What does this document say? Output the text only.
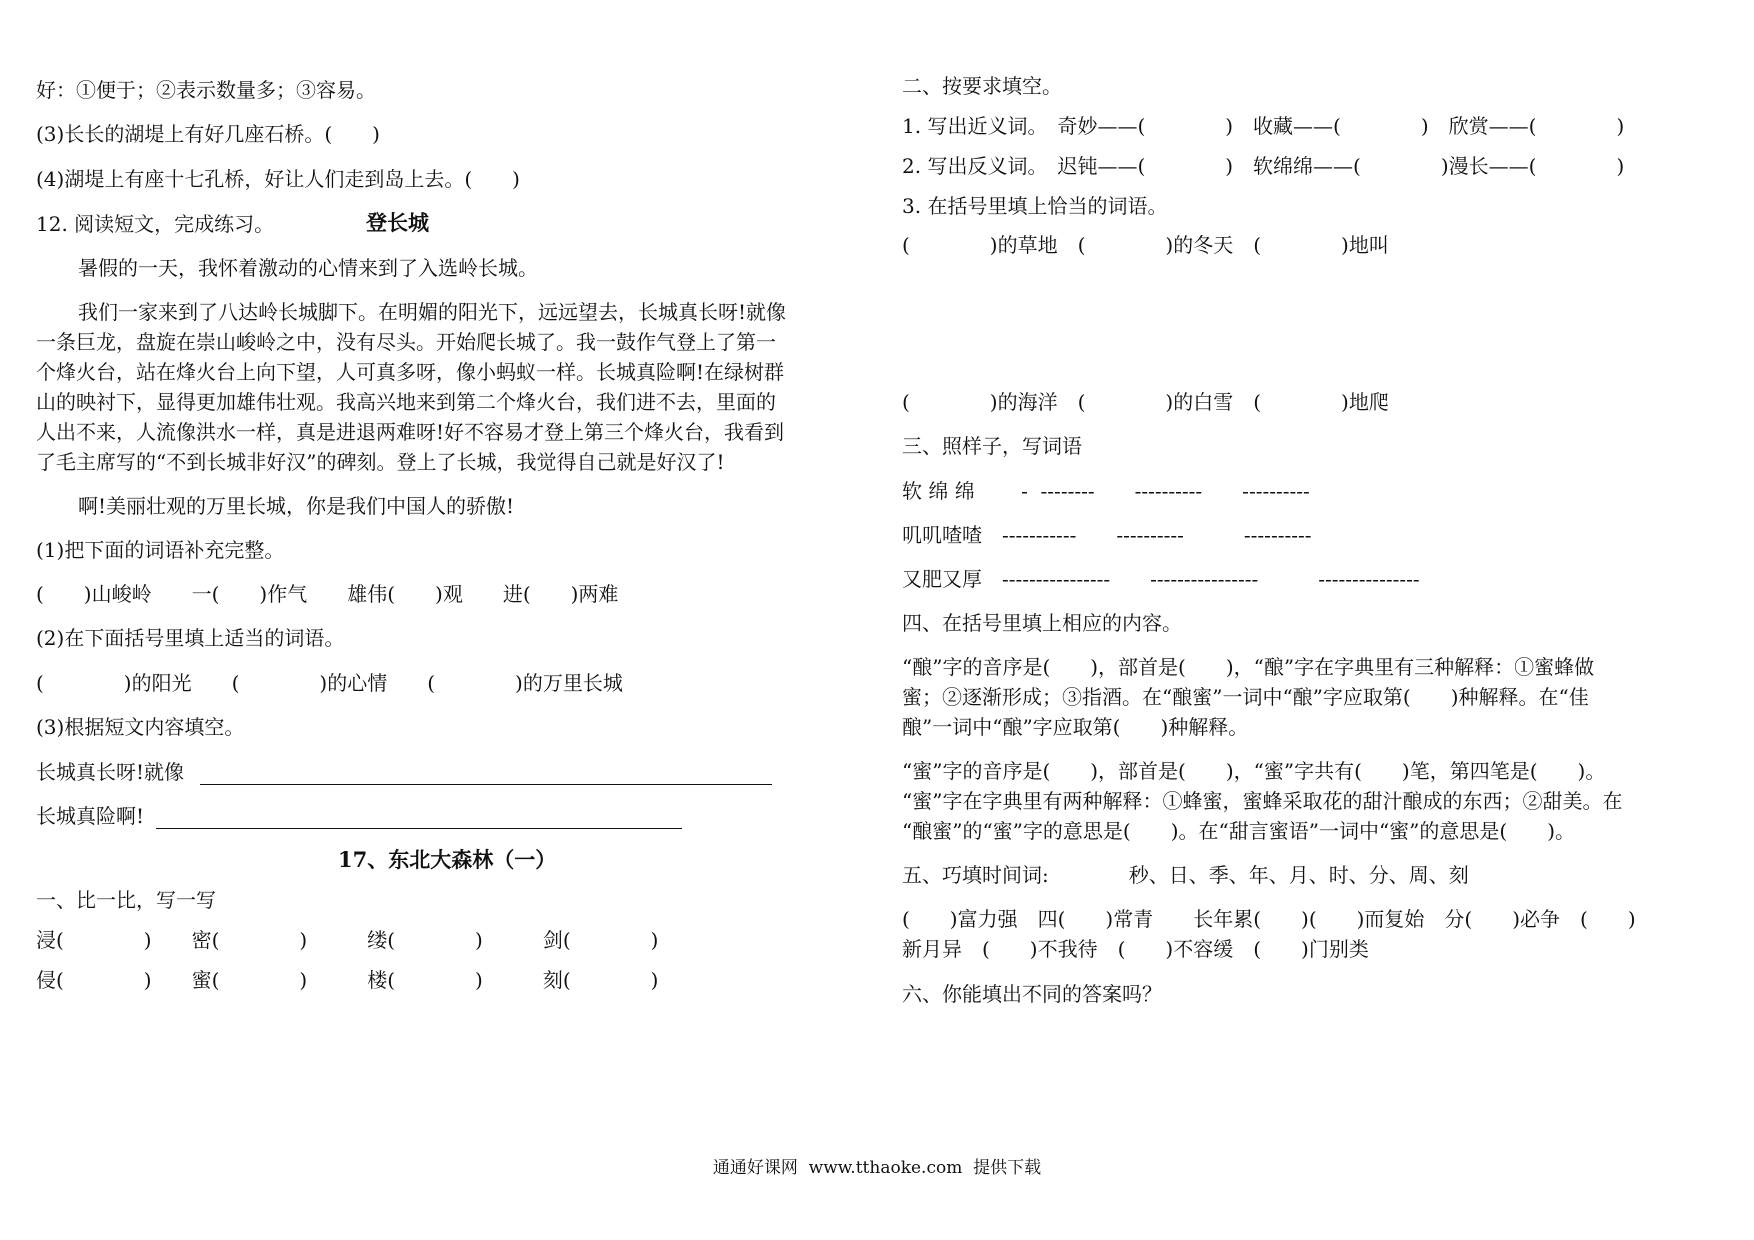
好：①便于；②表示数量多；③容易。
(3)长长的湖堤上有好几座石桥。(　　)
(4)湖堤上有座十七孔桥，好让人们走到岛上去。(　　)
12. 阅读短文，完成练习。	登长城
暑假的一天，我怀着激动的心情来到了入选岭长城。
我们一家来到了八达岭长城脚下。在明媚的阳光下，远远望去，长城真长呀!就像
一条巨龙，盘旋在崇山峻岭之中，没有尽头。开始爬长城了。我一鼓作气登上了第一
个烽火台，站在烽火台上向下望，人可真多呀，像小蚂蚁一样。长城真险啊!在绿树群
山的映衬下，显得更加雄伟壮观。我高兴地来到第二个烽火台，我们进不去，里面的
人出不来，人流像洪水一样，真是进退两难呀!好不容易才登上第三个烽火台，我看到
了毛主席写的“不到长城非好汉”的碑刻。登上了长城，我觉得自己就是好汉了!
啊!美丽壮观的万里长城，你是我们中国人的骄傲!
(1)把下面的词语补充完整。
(　　)山峻岭　　一(　　)作气　　雄伟(　　)观　　进(　　)两难
(2)在下面括号里填上适当的词语。
(　　　　)的阳光　　(　　　　)的心情　　(　　　　)的万里长城
(3)根据短文内容填空。
长城真长呀!就像
长城真险啊!
17、东北大森林（一）
一、比一比，写一写
浸(　　　　)　　密(　　　　)　　　缕(　　　　)　　　剑(　　　　)
侵(　　　　)　　蜜(　　　　)　　　楼(　　　　)　　　刻(　　　　)
二、按要求填空。
1. 写出近义词。　奇妙——(　　　　)　收藏——(　　　　)　欣赏——(　　　　)
2. 写出反义词。　迟钝——(　　　　)　软绵绵——(　　　　)漫长——(　　　　)
3. 在括号里填上恰当的词语。
(　　　　)的草地　(　　　　)的冬天　(　　　　)地叫
(　　　　)的海洋　(　　　　)的白雪　(　　　　)地爬
三、照样子，写词语
软 绵 绵　　 -  --------　　----------　　----------
叽叽喳喳　-----------　　----------　　　----------
又肥又厚　----------------　　----------------　　　---------------
四、在括号里填上相应的内容。
“酿”字的音序是(　　)，部首是(　　)，“酿”字在字典里有三种解释：①蜜蜂做
蜜；②逐渐形成；③指酒。在“酿蜜”一词中“酿”字应取第(　　)种解释。在“佳
酿”一词中“酿”字应取第(　　)种解释。
“蜜”字的音序是(　　)，部首是(　　)，“蜜”字共有(　　)笔，第四笔是(　　)。
“蜜”字在字典里有两种解释：①蜂蜜，蜜蜂采取花的甜汁酿成的东西；②甜美。在
“酿蜜”的“蜜”字的意思是(　　)。在“甜言蜜语”一词中“蜜”的意思是(　　)。
五、巧填时间词:　　　　秒、日、季、年、月、时、分、周、刻
(　　)富力强　四(　　)常青　　长年累(　　)(　　)而复始　分(　　)必争　(　　)
新月异　(　　)不我待　(　　)不容缓　(　　)门别类
六、你能填出不同的答案吗？
通通好课网  www.tthaoke.com  提供下载
